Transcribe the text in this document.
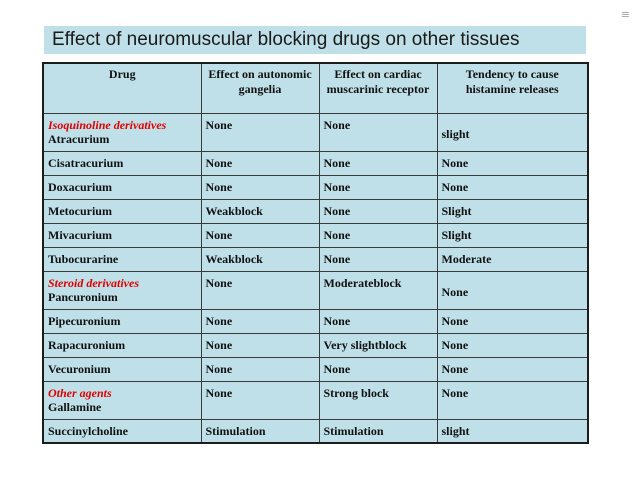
≡
Effect of neuromuscular blocking drugs on other tissues
Drug	Effect on autonomic gangelia	Effect on cardiac muscarinic receptor	Tendency to cause histamine releases

Isoquinoline derivatives
Atracurium	None	None	slight

Cisatracurium	None	None	None
Doxacurium	None	None	None
Metocurium	Weakblock	None	Slight
Mivacurium	None	None	Slight
Tubocurarine	Weakblock	None	Moderate

Steroid derivatives
Pancuronium	None	Moderateblock	None

Pipecuronium	None	None	None
Rapacuronium	None	Very slightblock	None
Vecuronium	None	None	None

Other agents
Gallamine	None	Strong block	None
Succinylcholine	Stimulation	Stimulation	slight
